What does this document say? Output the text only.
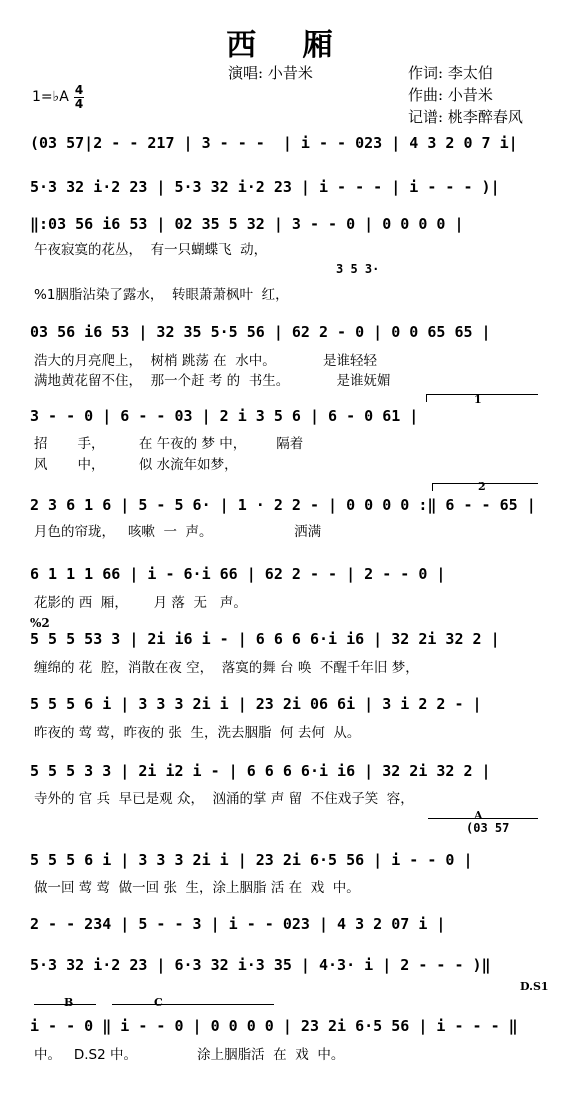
西 厢
演唱: 小昔米	作词: 李太伯
作曲: 小昔米
记谱: 桃李醉春风
1=♭A 4
4
(03 57|2 - - 217 | 3 - - -  | i - - 023 | 4 3 2 0 7 i|
5·3 32 i·2 23 | 5·3 32 i·2 23 | i - - - | i - - - )|
‖:03 56 i6 53 | 02 35 5 32 | 3 - - 0 | 0 0 0 0 |
午夜寂寞的花丛，  有一只蝴蝶飞  动，
3 5 3·
%1胭脂沾染了露水，  转眼萧萧枫叶  红，
03 56 i6 53 | 32 35 5·5 56 | 62 2 - 0 | 0 0 65 65 |
浩大的月亮爬上，  树梢 跳荡 在  水中。           是谁轻轻
满地黄花留不住，  那一个赶 考 的  书生。           是谁妩媚
1
3 - - 0 | 6 - - 03 | 2 i 3 5 6 | 6 - 0 61 |
招       手，        在 午夜的 梦 中，       隔着
风       中，        似 水流年如梦，
2
2 3 6 1 6 | 5 - 5 6· | 1 · 2 2 - | 0 0 0 0 :‖ 6 - - 65 |
月色的帘珑，   咳嗽  一  声。                   洒满
6 1 1 1 66 | i - 6·i 66 | 62 2 - - | 2 - - 0 |
花影的 西  厢，      月 落  无   声。
%2
5 5 5 53 3 | 2i i6 i - | 6 6 6 6·i i6 | 32 2i 32 2 |
缠绵的 花  腔，消散在夜 空，  落寞的舞 台 唤  不醒千年旧 梦，
5 5 5 6 i | 3 3 3 2i i | 23 2i 06 6i | 3 i 2 2 - |
昨夜的 莺 莺，昨夜的 张  生，洗去胭脂  何 去何  从。
5 5 5 3 3 | 2i i2 i - | 6 6 6 6·i i6 | 32 2i 32 2 |
寺外的 官 兵  早已是观 众，  汹涌的掌 声 留  不住戏子笑  容，
A
(03 57
5 5 5 6 i | 3 3 3 2i i | 23 2i 6·5 56 | i - - 0 |
做一回 莺 莺  做一回 张  生，涂上胭脂 活 在  戏  中。
2 - - 234 | 5 - - 3 | i - - 023 | 4 3 2 07 i |
5·3 32 i·2 23 | 6·3 32 i·3 35 | 4·3· i | 2 - - - )‖
D.S1
B	C
i - - 0 ‖ i - - 0 | 0 0 0 0 | 23 2i 6·5 56 | i - - - ‖
中。   D.S2 中。              涂上胭脂活  在  戏  中。
